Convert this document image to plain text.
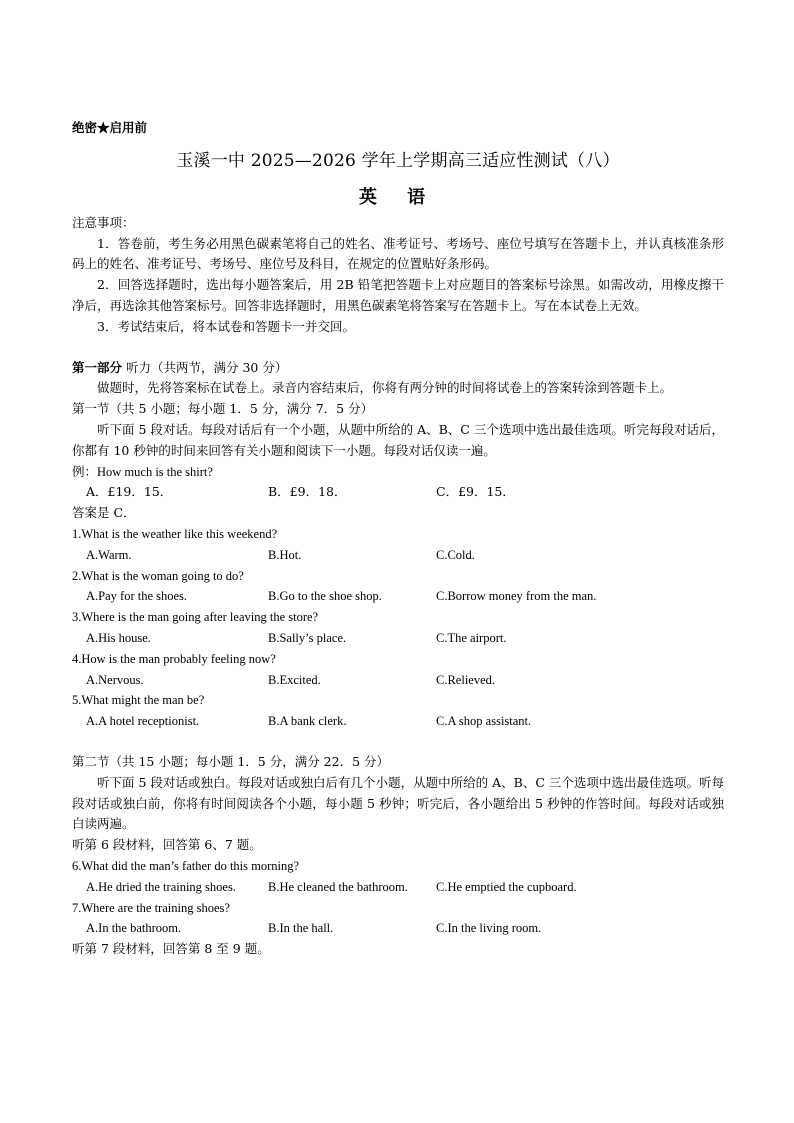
绝密★启用前
玉溪一中 2025—2026 学年上学期高三适应性测试（八）
英 语
注意事项：
1．答卷前，考生务必用黑色碳素笔将自己的姓名、准考证号、考场号、座位号填写在答题卡上，并认真核准条形码上的姓名、准考证号、考场号、座位号及科目，在规定的位置贴好条形码。
2．回答选择题时，选出每小题答案后，用 2B 铅笔把答题卡上对应题目的答案标号涂黑。如需改动，用橡皮擦干净后，再选涂其他答案标号。回答非选择题时，用黑色碳素笔将答案写在答题卡上。写在本试卷上无效。
3．考试结束后，将本试卷和答题卡一并交回。
第一部分 听力（共两节，满分 30 分）
做题时，先将答案标在试卷上。录音内容结束后，你将有两分钟的时间将试卷上的答案转涂到答题卡上。
第一节（共 5 小题；每小题 1．5 分，满分 7．5 分）
听下面 5 段对话。每段对话后有一个小题，从题中所给的 A、B、C 三个选项中选出最佳选项。听完每段对话后，你都有 10 秒钟的时间来回答有关小题和阅读下一小题。每段对话仅读一遍。
例：How much is the shirt?
A．£19．15．	B．£9．18．	C．£9．15．
答案是 C．
1.What is the weather like this weekend?
A.Warm.	B.Hot.	C.Cold.
2.What is the woman going to do?
A.Pay for the shoes.	B.Go to the shoe shop.	C.Borrow money from the man.
3.Where is the man going after leaving the store?
A.His house.	B.Sally’s place.	C.The airport.
4.How is the man probably feeling now?
A.Nervous.	B.Excited.	C.Relieved.
5.What might the man be?
A.A hotel receptionist.	B.A bank clerk.	C.A shop assistant.
第二节（共 15 小题；每小题 1．5 分，满分 22．5 分）
听下面 5 段对话或独白。每段对话或独白后有几个小题，从题中所给的 A、B、C 三个选项中选出最佳选项。听每段对话或独白前，你将有时间阅读各个小题，每小题 5 秒钟；听完后，各小题给出 5 秒钟的作答时间。每段对话或独白读两遍。
听第 6 段材料，回答第 6、7 题。
6.What did the man’s father do this morning?
A.He dried the training shoes.	B.He cleaned the bathroom.	C.He emptied the cupboard.
7.Where are the training shoes?
A.In the bathroom.	B.In the hall.	C.In the living room.
听第 7 段材料，回答第 8 至 9 题。
